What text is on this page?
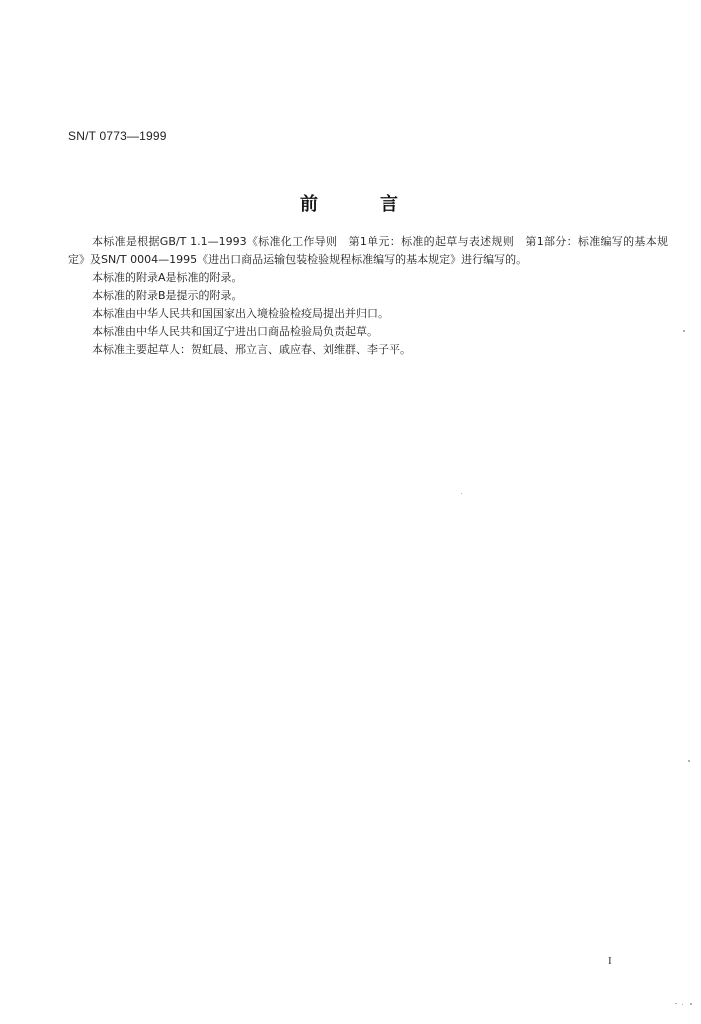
SN/T 0773—1999
前	言

本标准是根据GB/T 1.1—1993《标准化工作导则　第1单元：标准的起草与表述规则　第1部分：标准编写的基本规定》及SN/T 0004—1995《进出口商品运输包装检验规程标准编写的基本规定》进行编写的。

本标准的附录A是标准的附录。

本标准的附录B是提示的附录。

本标准由中华人民共和国国家出入境检验检疫局提出并归口。

本标准由中华人民共和国辽宁进出口商品检验局负责起草。

本标准主要起草人：贺虹晨、邢立言、戚应春、刘维群、李子平。

I
